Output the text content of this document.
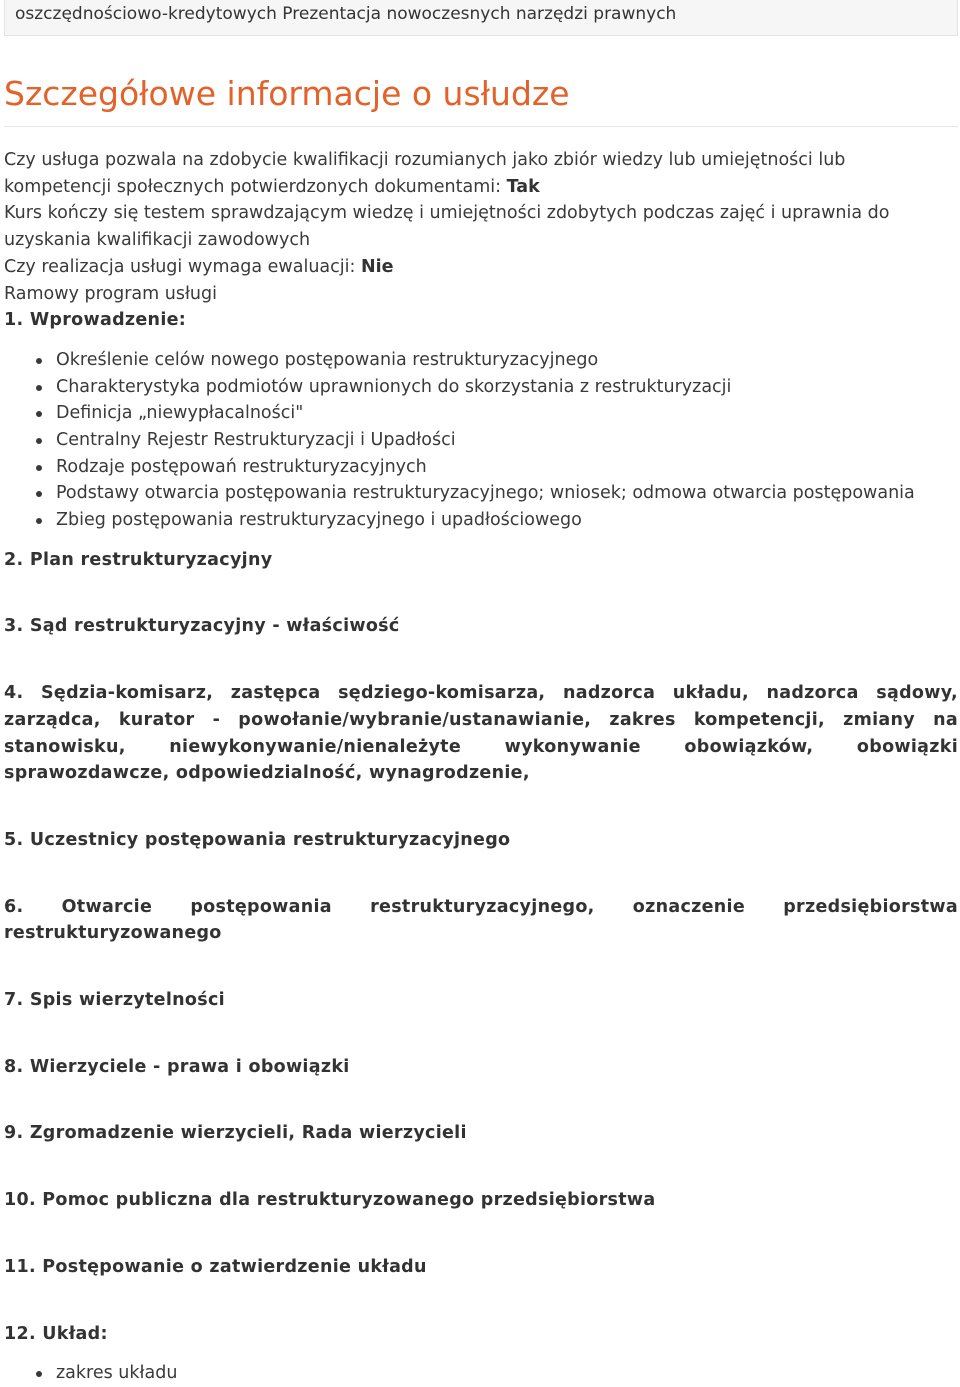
oszczędnościowo-kredytowych Prezentacja nowoczesnych narzędzi prawnych
Szczegółowe informacje o usłudze

Czy usługa pozwala na zdobycie kwalifikacji rozumianych jako zbiór wiedzy lub umiejętności lub kompetencji społecznych potwierdzonych dokumentami: Tak

Kurs kończy się testem sprawdzającym wiedzę i umiejętności zdobytych podczas zajęć i uprawnia do uzyskania kwalifikacji zawodowych

Czy realizacja usługi wymaga ewaluacji: Nie

Ramowy program usługi

1. Wprowadzenie:

Określenie celów nowego postępowania restrukturyzacyjnego
Charakterystyka podmiotów uprawnionych do skorzystania z restrukturyzacji
Definicja „niewypłacalności"
Centralny Rejestr Restrukturyzacji i Upadłości
Rodzaje postępowań restrukturyzacyjnych
Podstawy otwarcia postępowania restrukturyzacyjnego; wniosek; odmowa otwarcia postępowania
Zbieg postępowania restrukturyzacyjnego i upadłościowego

2. Plan restrukturyzacyjny

3. Sąd restrukturyzacyjny - właściwość

4. Sędzia-komisarz, zastępca sędziego-komisarza, nadzorca układu, nadzorca sądowy, zarządca, kurator - powołanie/wybranie/ustanawianie, zakres kompetencji, zmiany na stanowisku, niewykonywanie/nienależyte wykonywanie obowiązków, obowiązki sprawozdawcze, odpowiedzialność, wynagrodzenie,

5. Uczestnicy postępowania restrukturyzacyjnego

6. Otwarcie postępowania restrukturyzacyjnego, oznaczenie przedsiębiorstwa restrukturyzowanego

7. Spis wierzytelności

8. Wierzyciele - prawa i obowiązki

9. Zgromadzenie wierzycieli, Rada wierzycieli

10. Pomoc publiczna dla restrukturyzowanego przedsiębiorstwa

11. Postępowanie o zatwierdzenie układu

12. Układ:

zakres układu
